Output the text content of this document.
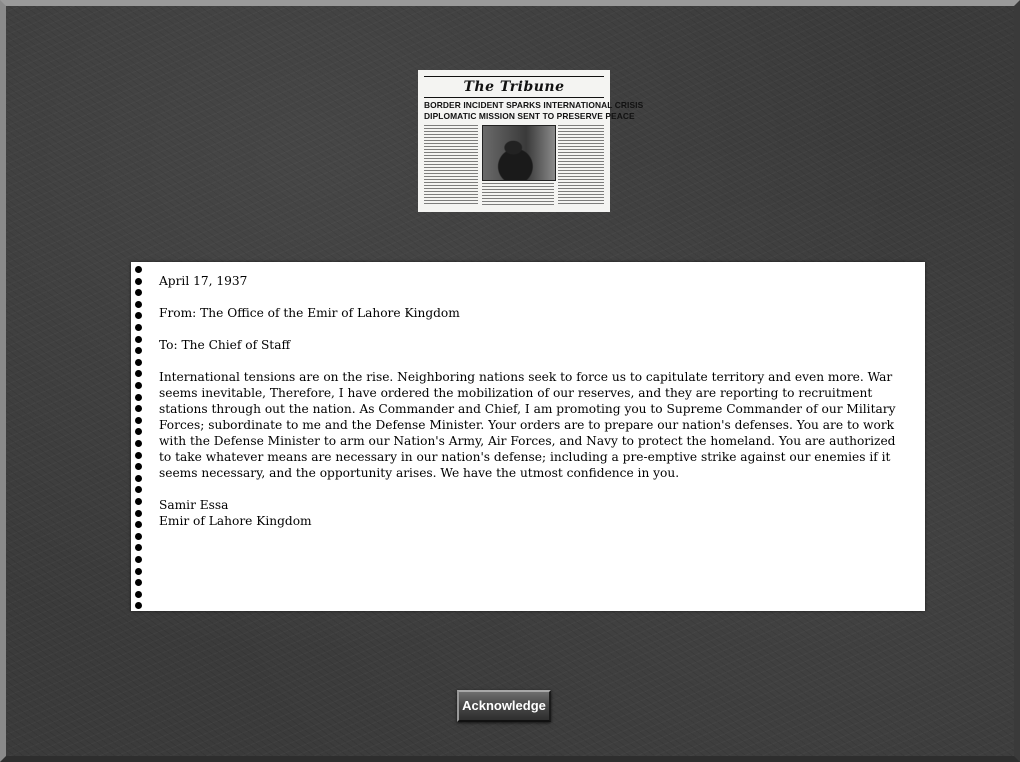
The Tribune
BORDER INCIDENT SPARKS INTERNATIONAL CRISIS
DIPLOMATIC MISSION SENT TO PRESERVE PEACE

April 17, 1937

From: The Office of the Emir of Lahore Kingdom

To: The Chief of Staff

International tensions are on the rise. Neighboring nations seek to force us to capitulate territory and even more. War seems inevitable, Therefore, I have ordered the mobilization of our reserves, and they are reporting to recruitment stations through out the nation. As Commander and Chief, I am promoting you to Supreme Commander of our Military Forces; subordinate to me and the Defense Minister. Your orders are to prepare our nation's defenses. You are to work with the Defense Minister to arm our Nation's Army, Air Forces, and Navy to protect the homeland. You are authorized to take whatever means are necessary in our nation's defense; including a pre-emptive strike against our enemies if it seems necessary, and the opportunity arises. We have the utmost confidence in you.

Samir Essa

Emir of Lahore Kingdom

Acknowledge
